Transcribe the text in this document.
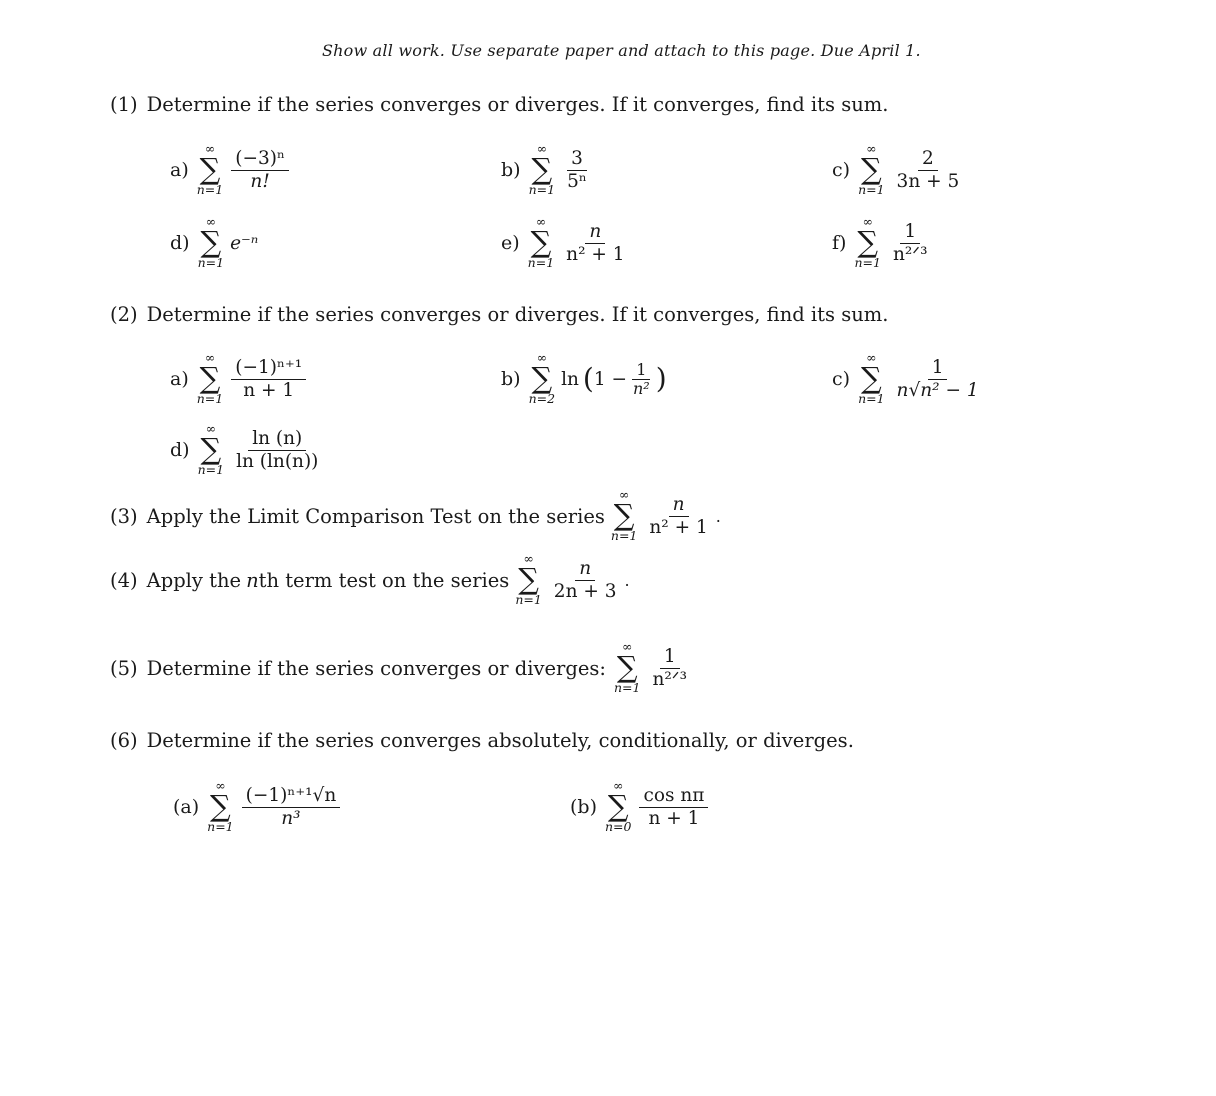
Show all work. Use separate paper and attach to this page. Due April 1.
(1) Determine if the series converges or diverges. If it converges, find its sum.
a)
∞
∑
$n=1 \frac{\text{(−3)ⁿ}}{n!}$	b)
∞
∑
$n=1 \frac{3}{\text{5ⁿ}}$	c)
∞
∑
$n=1 \frac{2}{3n + 5}$
d)
∞
∑
n=1
e⁻ⁿ	e)
∞
∑
$n=1 \frac{n}{\text{n² + 1}}$	f)
∞
∑
$n=1 \frac{1}{\text{n²ᐟ³}}$
(2) Determine if the series converges or diverges. If it converges, find its sum.
a)
∞
∑
$n=1 \frac{\text{(−1)ⁿ⁺¹}}{n + 1}$	b)
∞
∑
n=2
ln ( $1 - \frac{1}{\text{n²}}$ )	c)
∞
∑
$n=1 \frac{1}{\text{n√n² − 1}}$
d)
∞
∑
$n=1 \frac{\ln (n)}{\ln (\ln(n))}$
(3) Apply the Limit Comparison Test on the series
∞
∑
$n=1 \frac{n}{\text{n² + 1}}$ .
(4) Apply the n th term test on the series
∞
∑
$n=1 \frac{n}{2n + 3}$ .
(5) Determine if the series converges or diverges:
∞
∑
$n=1 \frac{1}{\text{n²ᐟ³}}$
(6) Determine if the series converges absolutely, conditionally, or diverges.
(a)
∞
∑
$n=1 \frac{\text{(−1)ⁿ⁺¹√n}}{\text{n³}}$	(b)
∞
∑
$n=0 \frac{\text{cos nπ}}{n + 1}$
